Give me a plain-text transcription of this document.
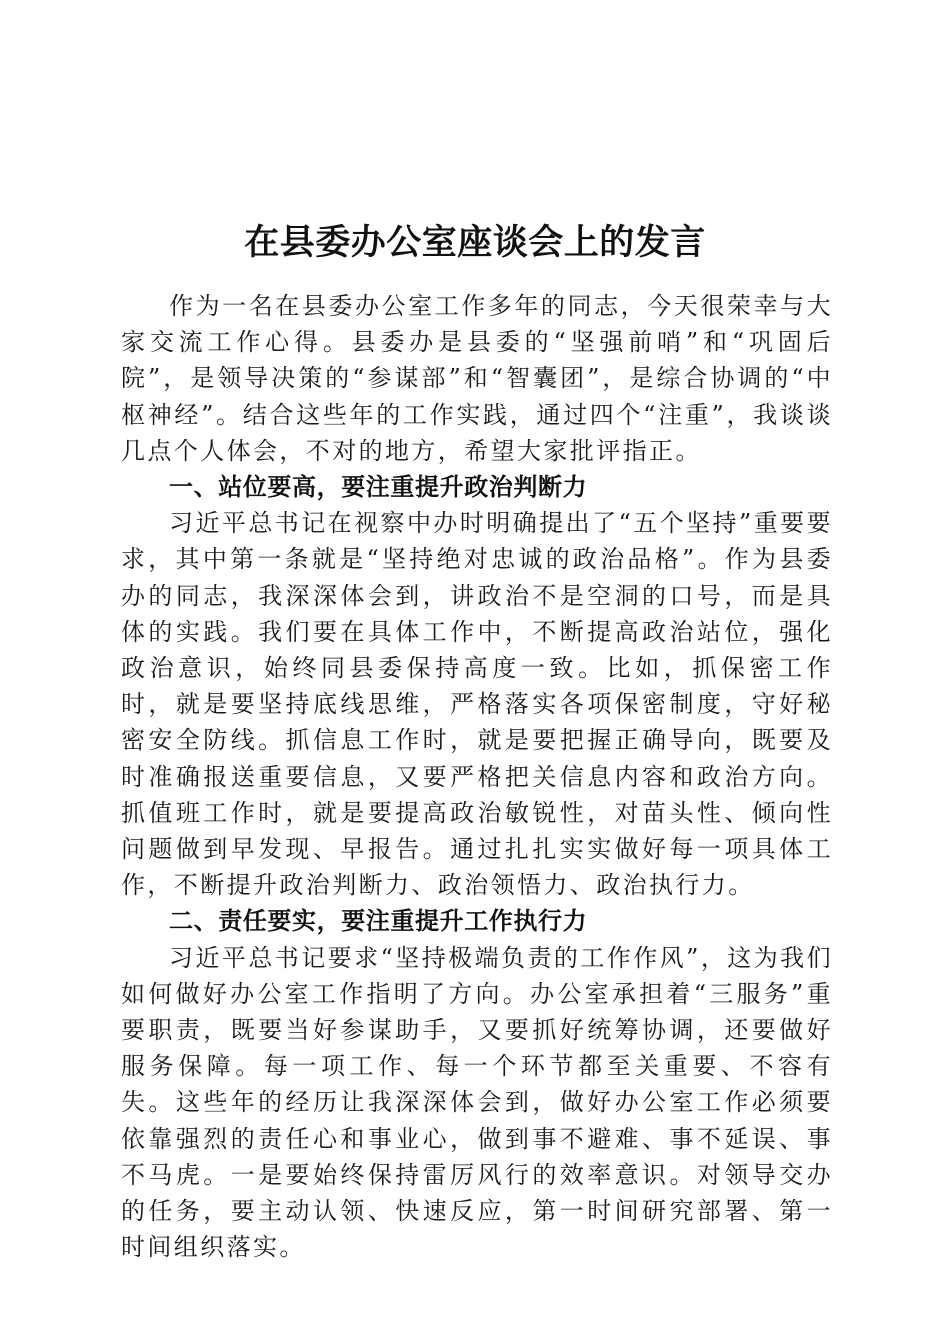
在县委办公室座谈会上的发言

作为一名在县委办公室工作多年的同志，今天很荣幸与大家交流工作心得。县委办是县委的“坚强前哨”和“巩固后院”，是领导决策的“参谋部”和“智囊团”，是综合协调的“中枢神经”。结合这些年的工作实践，通过四个“注重”，我谈谈几点个人体会，不对的地方，希望大家批评指正。

一、站位要高，要注重提升政治判断力

习近平总书记在视察中办时明确提出了“五个坚持”重要要求，其中第一条就是“坚持绝对忠诚的政治品格”。作为县委办的同志，我深深体会到，讲政治不是空洞的口号，而是具体的实践。我们要在具体工作中，不断提高政治站位，强化政治意识，始终同县委保持高度一致。比如，抓保密工作时，就是要坚持底线思维，严格落实各项保密制度，守好秘密安全防线。抓信息工作时，就是要把握正确导向，既要及时准确报送重要信息，又要严格把关信息内容和政治方向。抓值班工作时，就是要提高政治敏锐性，对苗头性、倾向性问题做到早发现、早报告。通过扎扎实实做好每一项具体工作，不断提升政治判断力、政治领悟力、政治执行力。

二、责任要实，要注重提升工作执行力

习近平总书记要求“坚持极端负责的工作作风”，这为我们如何做好办公室工作指明了方向。办公室承担着“三服务”重要职责，既要当好参谋助手，又要抓好统筹协调，还要做好服务保障。每一项工作、每一个环节都至关重要、不容有失。这些年的经历让我深深体会到，做好办公室工作必须要依靠强烈的责任心和事业心，做到事不避难、事不延误、事不马虎。一是要始终保持雷厉风行的效率意识。对领导交办的任务，要主动认领、快速反应，第一时间研究部署、第一时间组织落实。
